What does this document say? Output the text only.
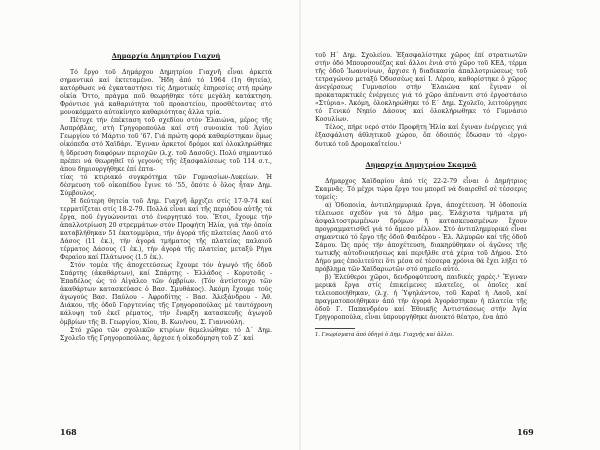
Δημαρχία Δημητρίου Γιαχνή

Τό ἔργο τοῦ Δημάρχου Δημητρίου Γιαχνῆ εἶναι ἀρκετά σημαντικό καί ἐκτεταμένο. Ἤδη ἀπό τό 1964 (1η θητεία), κατόρθωσε νά ἐγκαταστήσει τίς Δημοτικές ἐπηρεσίες στή πρώην οἰκία Ὄττο, πράγμα ποῦ θεωρήθηκε τότε μεγάλη κατάκτηση. Φρόντισε γιά καθαριότητα τοῦ προαστείου, προσθέτοντας στό μονοκόμματο αὐτοκίνητο καθαριότητας ἄλλα τρία.

Πέτυχε τήν ἐπέκταση τοῦ σχεδίου στόν Ἐλαιώνα, μέρος τῆς Ἀσπρόβλας, στή Γρηγοροπούλα καί στή συνοικία τοῦ Ἁγίου Γεωργίου τό Μάρτιο τοῦ '67. Γιά πρώτη φορά καθαρίστηκαν ὅμως οἰκόπεδα στό Χαϊδάρι. Ἔγιναν ἀρκετοί δρόμοι καί ὁλοκληρώθηκε ἡ ὕδρευση διαφόρων περιοχῶν (λ.χ. τοῦ Δασοῦς). Πολύ σημαντικό πρέπει νά θεωρηθεῖ τό γεγονός τῆς ἐξασφαλίσεως τοῦ 114 σ.τ., ἀπου δημιουργήθηκε ἐπί ἐπτα-

τίας τό κτιριακό συγκρότημα τῶν Γυμνασίων-Λυκείων. Ἡ δέσμευση τοῦ οἰκοπέδου ἔγινε τό '55, ὅπότε ὁ ὅλος ἦταν Δημ. Σύμβουλος.

Ἡ δεύτερη θητεία τοῦ Δημ. Γιαχνῆ ἄρχιζει στίς 17-9-74 καί τερματίζεται στίς 18-2-79. Πολλά εἶναι καί τῆς περιόδου αὐτῆς τά ἔργα, ποῦ ἐγγυώνονται στό ἐνεργητικό του. Ἔτσι, ἔχουμε τήν ἀπαλλοτρίωση 20 στρεμμάτων στόν Προφήτη Ἠλία, γιά τήν ὁποία καταβλήθηκαν 51 ἑκατομμύρια, τήν ἀγορά τῆς πλατείας Λαοῦ στό Δάσος (11 ἑκ.), τήν ἀγορά τμήματος τῆς πλατείας παλαιοῦ τέρματος Δάσους (1 ἑκ.), τήν ἀγορά τῆς πλατείας μεταξύ Ρήγα Φεραίου καί Πλάτωνος (1.5 ἑκ.).

Στόν τομέα τῆς ἀποχετεύσεως ἔχουμε τόν ἀγωγό τῆς ὁδοῦ Σπάρτης (ἀκαθάρτων), καί Σπάρτης - Ἑλλάδος - Κορυτσᾶς - Ἐπαδέλος ὡς τό Αἰγάλεο τῶν ὀμβρίων. (Τόν ἀντίστοιχο τῶν ἀκαθάρτων κατασκεύασε ὁ Βασ. Σμυθάκος). Ἀκόμη ἔχουμε τούς ἀγωγούς Βασ. Παύλου - Ἀφροδίτης - Βασ. Ἀλεξάνδρου - Ἁθ. Διάκου, τῆς ὁδοῦ Γοργτενίας τῆς Γρηγοροπούλας μέ ταυτόχρονη κάλυψη τοῦ ἐκεῖ ρέματος, τήν ἔναρξη κατασκευῆς ἀγωγοῦ ὀμβρίων τῆς Β. Γεωργίου, Χίου, Β. Κων/νου, Σ. Γιαννούλη.

Στό χῶρο τῶν σχολικῶν κτιρίων θεμελιώθηκε τό Δ΄ Δημ. Σχολεῖο τῆς Γρηγοροπούλας, ἄρχισε ἡ οἰκοδόμηση τοῦ Ζ΄ καί

168

τοῦ Η΄ Δημ. Σχολείου. Ἐξασφαλίστηκε χῶρος ἐπί στρατιωτῶν στήν ὁδό Μπουρσουέζας καί ἄλλοι ἐνιὰ στό χῶρο τοῦ ΚΕΔ, τέρμα τῆς ὁδοῦ Ἰωαννίνων, ἄρχισε ἡ διαδικασία ἀπαλλοτριώσεως τοῦ τετραγώνου μεταξύ Ὀδυσσέως καί Ι. Λέρου, καθορίστηκε ὁ χῶρος ἀνεγέρσεως Γυμνασίου στήν Ἐλαιώνα καί ἔγιναν οἱ προκαταρκτικές ἐνέργειες γιά τό χῶρο ἀπέναντι στό ἐργοστάσιο «Στύρια». Ἀκόμη, ὁλοκληρώθηκε τό Ε΄ Δημ. Σχολεῖο, λειτούργησε τό Γενικό Νηπίο Δάσους καί ὁλοκλήρωθηκε τό Γυμνάσιο Κοσυλίων.

Τέλος, πήρε νερό στόν Προφήτη Ἠλία καί ἔγιναν ἐνέργειες γιά ἐξασφάλιση ἀθλητικοῦ χώρου, ὅπ ὁδοιπός ἔδωσαν τό ‹ἐργο› δυτικό τοῦ Δρομοκαΐτείου.¹

Δημαρχία Δημητρίου Σκαμνᾶ

Δήμαρχος Χαϊδαρίου ἀπό τίς 22-2-79 εἶναι ὁ Δημήτριος Σκαμνᾶς. Τό μέχρι τώρα ἔργο του μπορεῖ νά διαιρεθεῖ σέ τέσσερις τομείς:

α) Ὁδοποιία, ἀντιπλημμυρικά ἔργα, ἀποχέτευση. Ἡ ὁδοποιία τέλειωσε σχεδόν για τό Δήμο μας. Ἐλάχιστα τμήματα μή ἀσφαλτοστρωμένων δρόμων ἤ κατασκευασμένων ἔχουν προγραμματισθεῖ γιά τό ἄμεσο μέλλον. Στό ἀντιπλημμυρικό εἶναι σημαντικό τό ἔργο τῆς ὁδοῦ Φαιδέρου - Ἐλ. Ἀλμυρῶν καί τῆς ὁδοῦ Σάμου. Ὡς πρός τήν ἀποχέτευση, διακηρύθηκαν οἱ ἀγῶνες τῆς τωτικῆς αὐτοδιοικήσεως καί περιῆλθε στά χέρια τοῦ Δήμου. Στό Δήμο μας ἐπολιτεύτει ὅτι μέσα σέ τέσσερα χρόνια θά ἔχει λήξει τό πρόβλημα τῶν Χαϊδαριωτῶν στό σημεῖο αὐτό.

β) Ἐλεύθεροι χῶροι, δενδροφύτευση, παιδικές χαρές.¹ Ἔγιναν μερικά ἔργα στίς ἐπικείμενες πλατεῖες, οἱ ὁποῖες καί τελειοποιήθηκαν, (λ.χ. ἡ Ὑψηλάντου, τοῦ Καραϊ ἡ Λαοῦ, καί πραγματοποιήθηκαν ἀπό τήν ἀγορά Ἀγοράστηκαν ἡ πλατεία τῆς ὁδοῦ Γ. Παπανδρέου καί Ἐθνικῆς Ἀντιστάσεως στήν Ἁγία Γρηγοροπούλα, εἶναι ὑπρουργήθηκε ἀνοικτό θέατρο, ἐνα ἀπό

1. Γνωρίσματα ἀπό ὁδηγό ὁ Δημ. Γιαχνῆς καί ἄλλοι.

169
